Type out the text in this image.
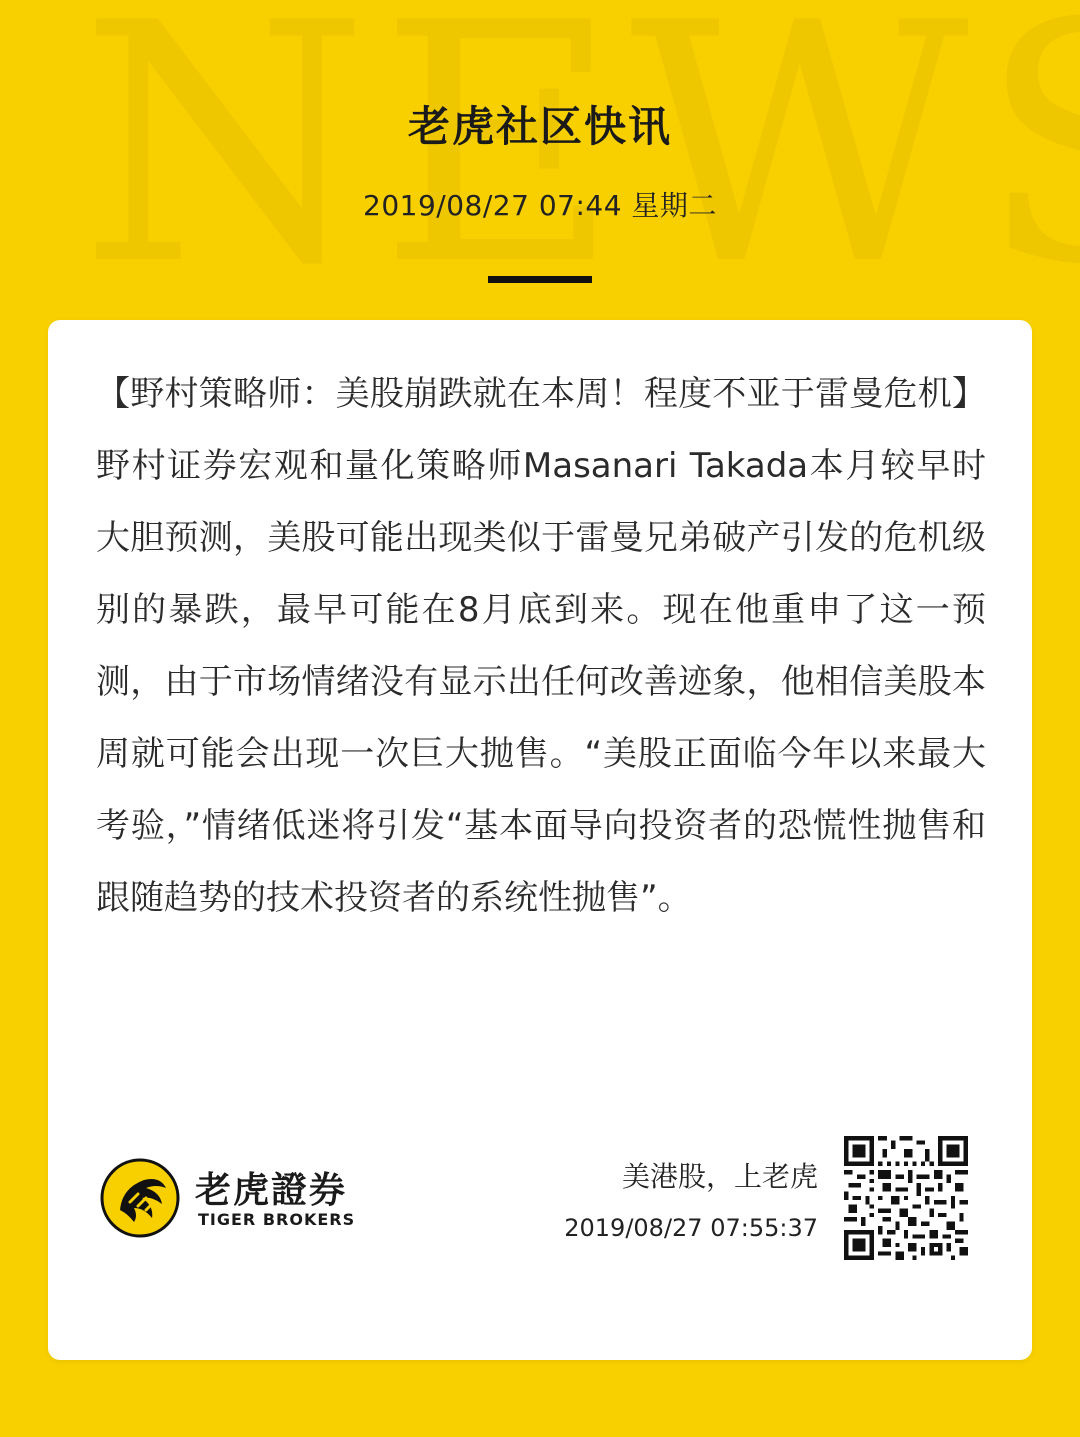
老虎社区快讯
2019/08/27 07:44 星期二

【野村策略师：美股崩跌就在本周！程度不亚于雷曼危机】野村证券宏观和量化策略师Masanari Takada本月较早时大胆预测，美股可能出现类似于雷曼兄弟破产引发的危机级别的暴跌，最早可能在8月底到来。现在他重申了这一预测，由于市场情绪没有显示出任何改善迹象，他相信美股本周就可能会出现一次巨大抛售。“美股正面临今年以来最大考验，”情绪低迷将引发“基本面导向投资者的恐慌性抛售和跟随趋势的技术投资者的系统性抛售”。

老虎證券
TIGER BROKERS
美港股，上老虎
2019/08/27 07:55:37
